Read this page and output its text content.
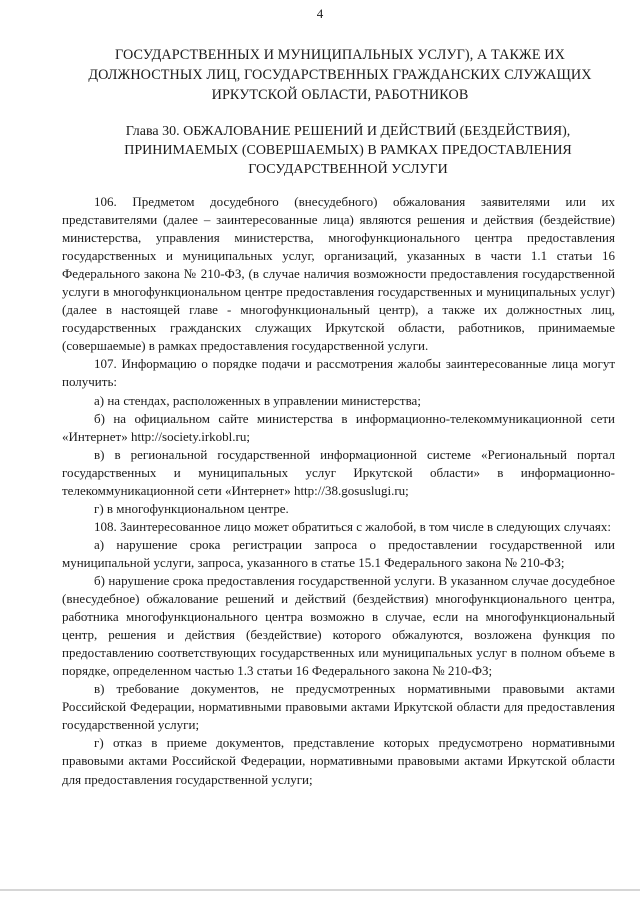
4
ГОСУДАРСТВЕННЫХ И МУНИЦИПАЛЬНЫХ УСЛУГ), А ТАКЖЕ ИХ ДОЛЖНОСТНЫХ ЛИЦ, ГОСУДАРСТВЕННЫХ ГРАЖДАНСКИХ СЛУЖАЩИХ ИРКУТСКОЙ ОБЛАСТИ, РАБОТНИКОВ
Глава 30. ОБЖАЛОВАНИЕ РЕШЕНИЙ И ДЕЙСТВИЙ (БЕЗДЕЙСТВИЯ), ПРИНИМАЕМЫХ (СОВЕРШАЕМЫХ) В РАМКАХ ПРЕДОСТАВЛЕНИЯ ГОСУДАРСТВЕННОЙ УСЛУГИ

106. Предметом досудебного (внесудебного) обжалования заявителями или их представителями (далее – заинтересованные лица) являются решения и действия (бездействие) министерства, управления министерства, многофункционального центра предоставления государственных и муниципальных услуг, организаций, указанных в части 1.1 статьи 16 Федерального закона № 210-ФЗ, (в случае наличия возможности предоставления государственной услуги в многофункциональном центре предоставления государственных и муниципальных услуг) (далее в настоящей главе - многофункциональный центр), а также их должностных лиц, государственных гражданских служащих Иркутской области, работников, принимаемые (совершаемые) в рамках предоставления государственной услуги.

107. Информацию о порядке подачи и рассмотрения жалобы заинтересованные лица могут получить:

а) на стендах, расположенных в управлении министерства;

б) на официальном сайте министерства в информационно-телекоммуникационной сети «Интернет» http://society.irkobl.ru;

в) в региональной государственной информационной системе «Региональный портал государственных и муниципальных услуг Иркутской области» в информационно-телекоммуникационной сети «Интернет» http://38.gosuslugi.ru;

г) в многофункциональном центре.

108. Заинтересованное лицо может обратиться с жалобой, в том числе в следующих случаях:

а) нарушение срока регистрации запроса о предоставлении государственной или муниципальной услуги, запроса, указанного в статье 15.1 Федерального закона № 210-ФЗ;

б) нарушение срока предоставления государственной услуги. В указанном случае досудебное (внесудебное) обжалование решений и действий (бездействия) многофункционального центра, работника многофункционального центра возможно в случае, если на многофункциональный центр, решения и действия (бездействие) которого обжалуются, возложена функция по предоставлению соответствующих государственных или муниципальных услуг в полном объеме в порядке, определенном частью 1.3 статьи 16 Федерального закона № 210-ФЗ;

в) требование документов, не предусмотренных нормативными правовыми актами Российской Федерации, нормативными правовыми актами Иркутской области для предоставления государственной услуги;

г) отказ в приеме документов, представление которых предусмотрено нормативными правовыми актами Российской Федерации, нормативными правовыми актами Иркутской области для предоставления государственной услуги;
